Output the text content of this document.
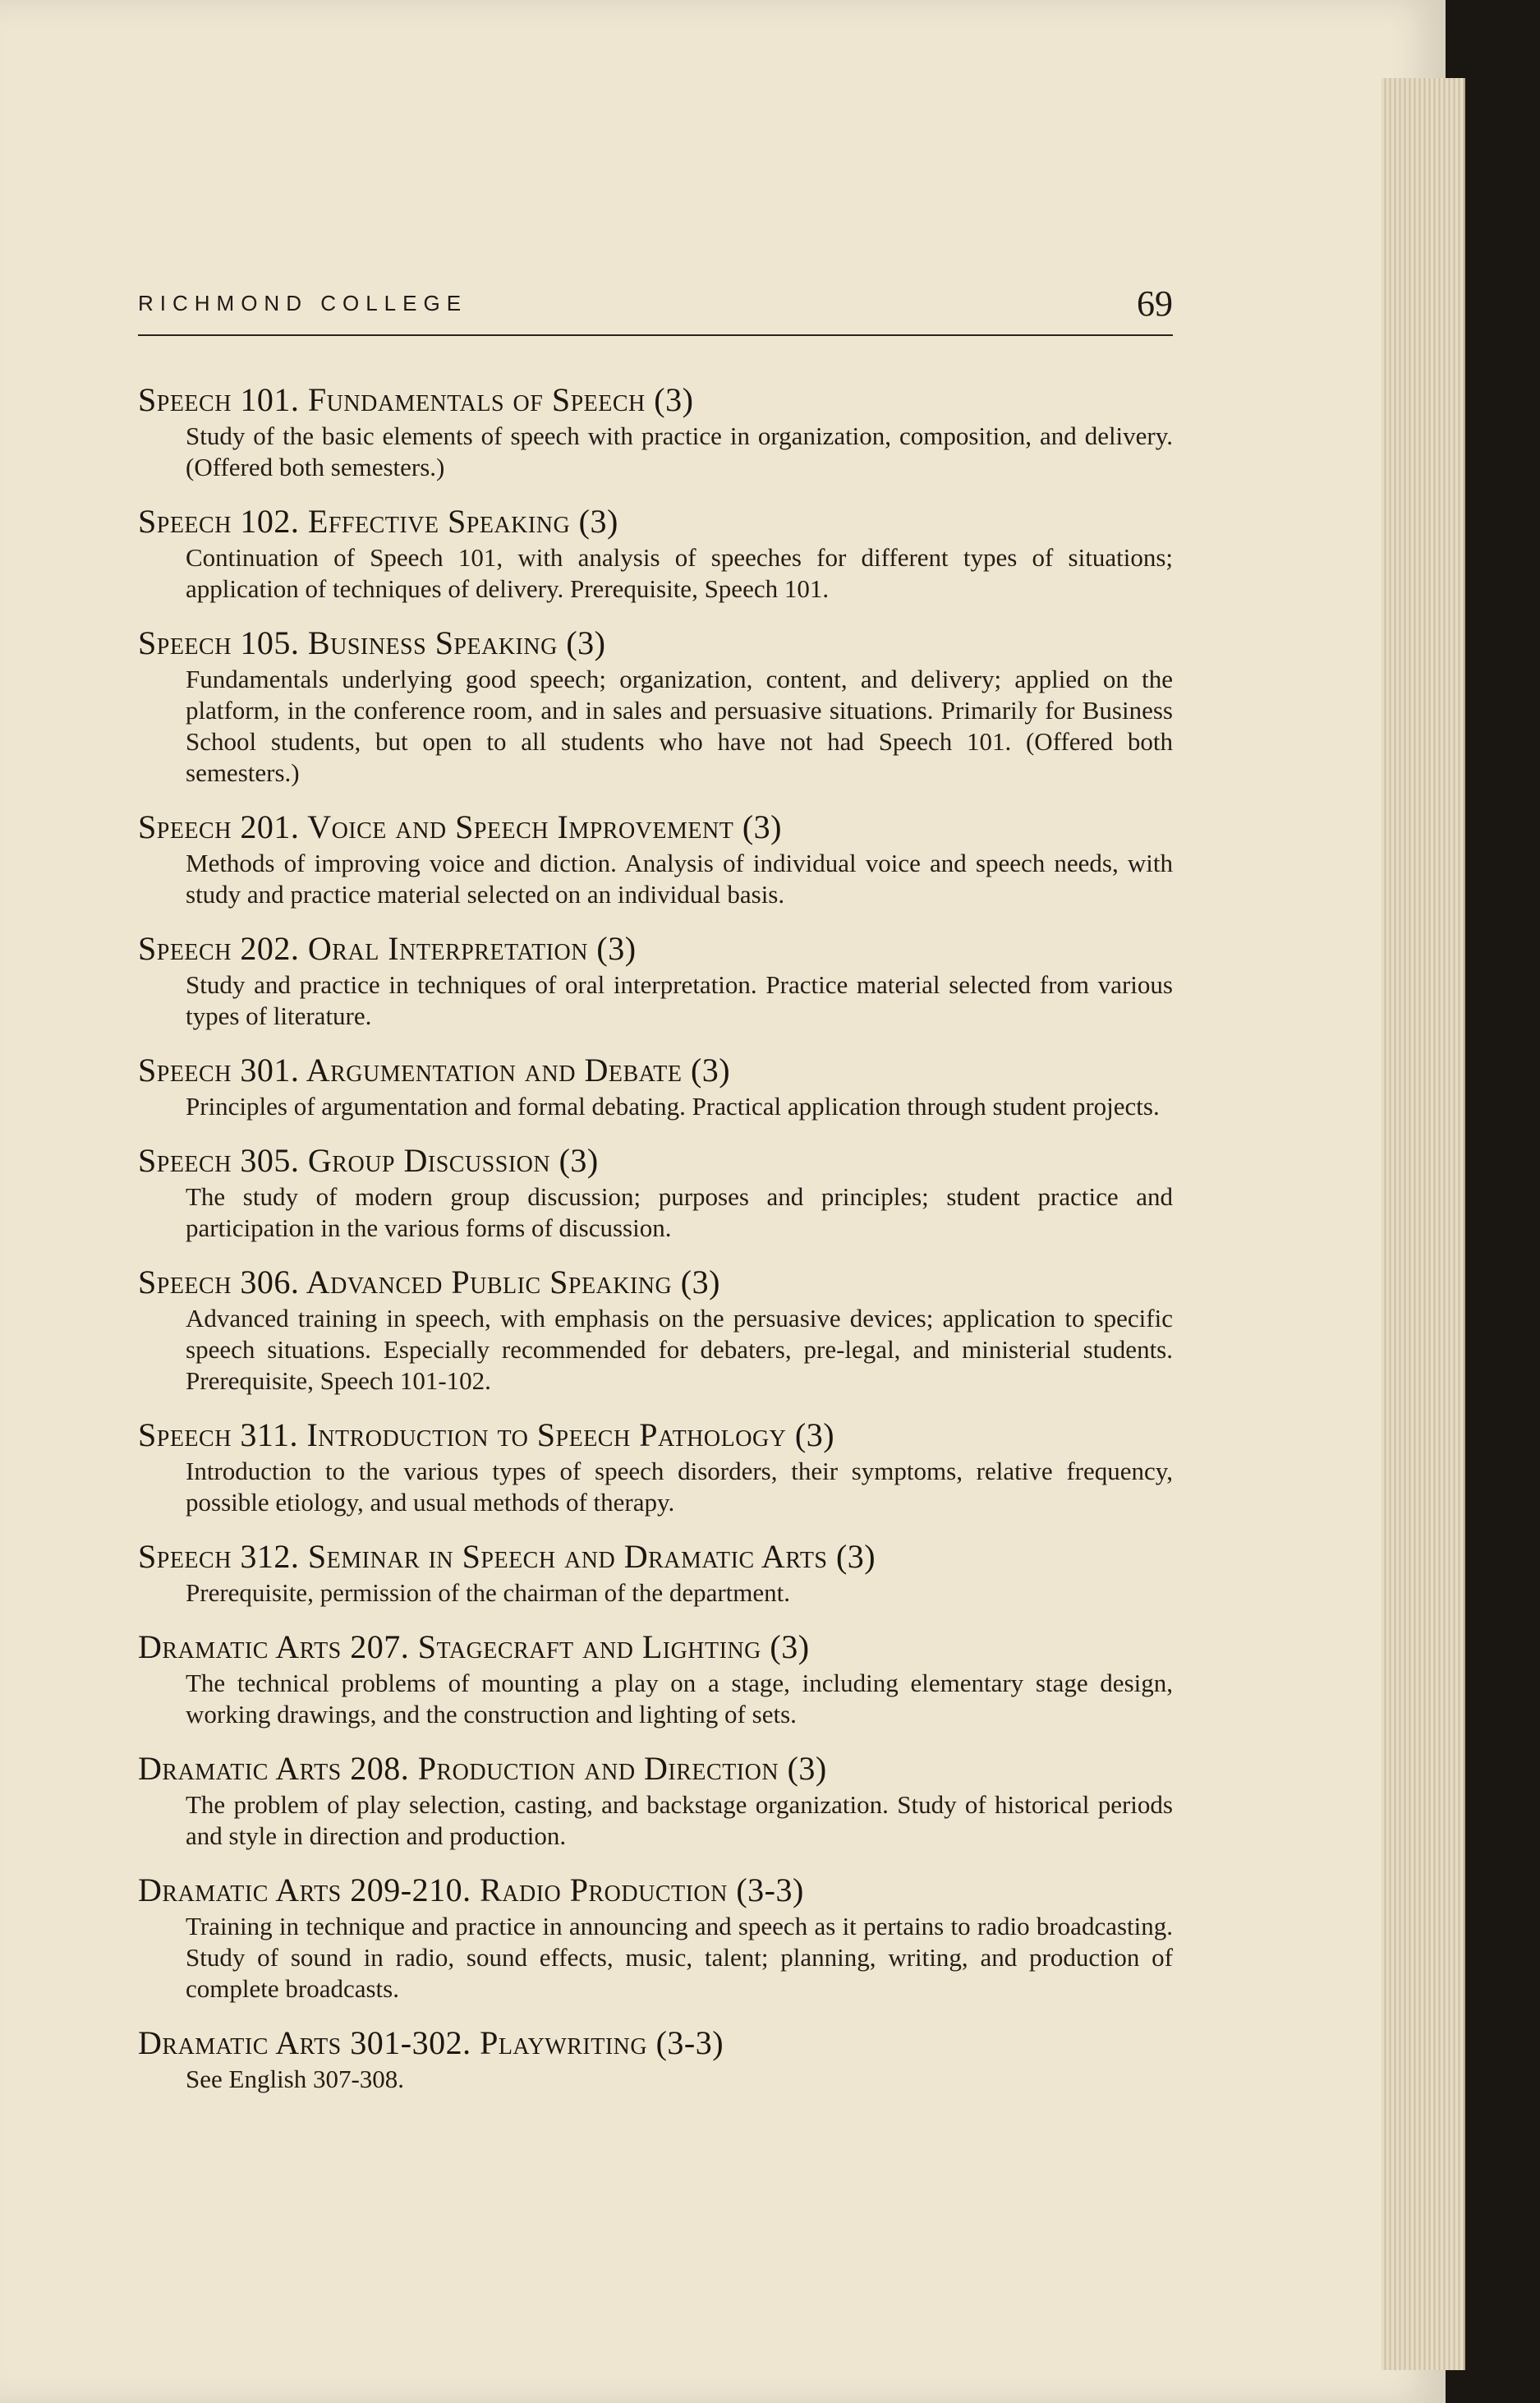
RICHMOND COLLEGE	69
Speech 101. Fundamentals of Speech (3)
Study of the basic elements of speech with practice in organization, composition, and delivery. (Offered both semesters.)
Speech 102. Effective Speaking (3)
Continuation of Speech 101, with analysis of speeches for different types of situations; application of techniques of delivery. Prerequisite, Speech 101.
Speech 105. Business Speaking (3)
Fundamentals underlying good speech; organization, content, and delivery; applied on the platform, in the conference room, and in sales and persuasive situations. Primarily for Business School students, but open to all students who have not had Speech 101. (Offered both semesters.)
Speech 201. Voice and Speech Improvement (3)
Methods of improving voice and diction. Analysis of individual voice and speech needs, with study and practice material selected on an individual basis.
Speech 202. Oral Interpretation (3)
Study and practice in techniques of oral interpretation. Practice material selected from various types of literature.
Speech 301. Argumentation and Debate (3)
Principles of argumentation and formal debating. Practical application through student projects.
Speech 305. Group Discussion (3)
The study of modern group discussion; purposes and principles; student practice and participation in the various forms of discussion.
Speech 306. Advanced Public Speaking (3)
Advanced training in speech, with emphasis on the persuasive devices; application to specific speech situations. Especially recommended for debaters, pre-legal, and ministerial students. Prerequisite, Speech 101-102.
Speech 311. Introduction to Speech Pathology (3)
Introduction to the various types of speech disorders, their symptoms, relative frequency, possible etiology, and usual methods of therapy.
Speech 312. Seminar in Speech and Dramatic Arts (3)
Prerequisite, permission of the chairman of the department.
Dramatic Arts 207. Stagecraft and Lighting (3)
The technical problems of mounting a play on a stage, including elementary stage design, working drawings, and the construction and lighting of sets.
Dramatic Arts 208. Production and Direction (3)
The problem of play selection, casting, and backstage organization. Study of historical periods and style in direction and production.
Dramatic Arts 209-210. Radio Production (3-3)
Training in technique and practice in announcing and speech as it pertains to radio broadcasting. Study of sound in radio, sound effects, music, talent; planning, writing, and production of complete broadcasts.
Dramatic Arts 301-302. Playwriting (3-3)
See English 307-308.
